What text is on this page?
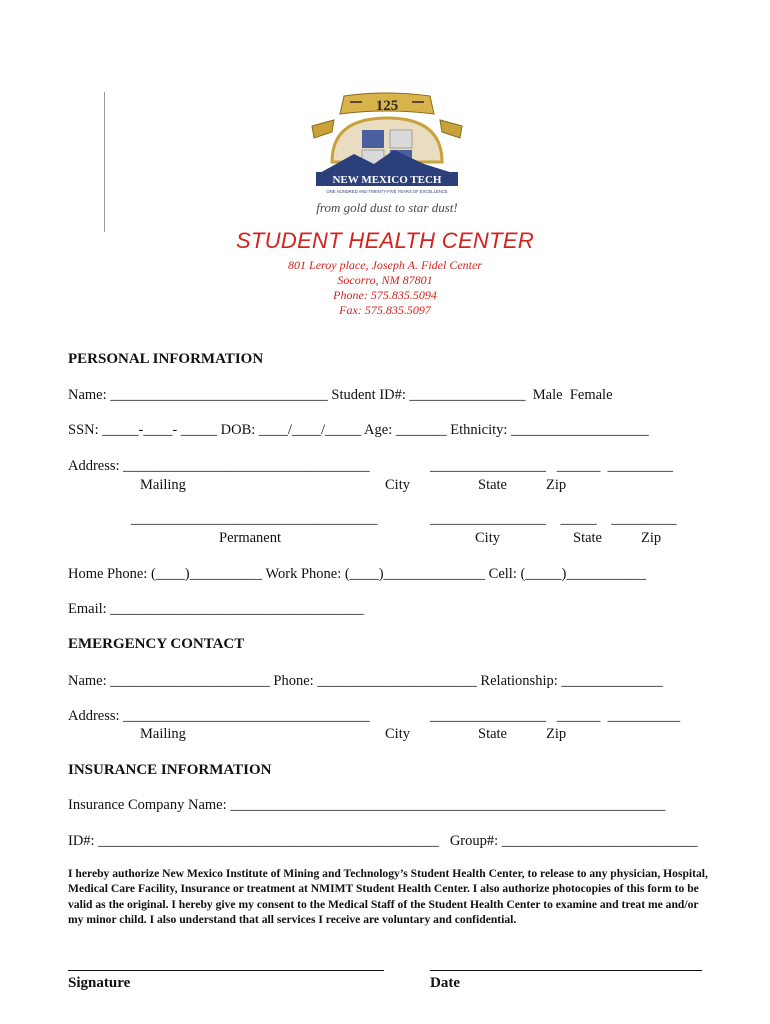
125
NEW MEXICO TECH
ONE HUNDRED AND TWENTY-FIVE YEARS OF EXCELLENCE
from gold dust to star dust!
STUDENT HEALTH CENTER
801 Leroy place, Joseph A. Fidel Center
Socorro, NM 87801
Phone: 575.835.5094
Fax: 575.835.5097
PERSONAL INFORMATION
Name: ______________________________ Student ID#: ________________  Male  Female
SSN: _____-____- _____ DOB: ____/____/_____ Age: _______ Ethnicity: ___________________
Address: __________________________________	________________   ______  _________
Mailing	City	State	Zip
__________________________________	________________    _____    _________
Permanent	City	State	Zip
Home Phone: (____)__________ Work Phone: (____)______________ Cell: (_____)___________
Email: ___________________________________
EMERGENCY CONTACT
Name: ______________________ Phone: ______________________ Relationship: ______________
Address: __________________________________	________________   ______  __________
Mailing	City	State	Zip
INSURANCE INFORMATION
Insurance Company Name: ____________________________________________________________
ID#: _______________________________________________   Group#: ___________________________
I hereby authorize New Mexico Institute of Mining and Technology’s Student Health Center, to release to any physician, Hospital, Medical Care Facility, Insurance or treatment at NMIMT Student Health Center. I also authorize photocopies of this form to be valid as the original. I hereby give my consent to the Medical Staff of the Student Health Center to examine and treat me and/or my minor child. I also understand that all services I receive are voluntary and confidential.
Signature	Date
